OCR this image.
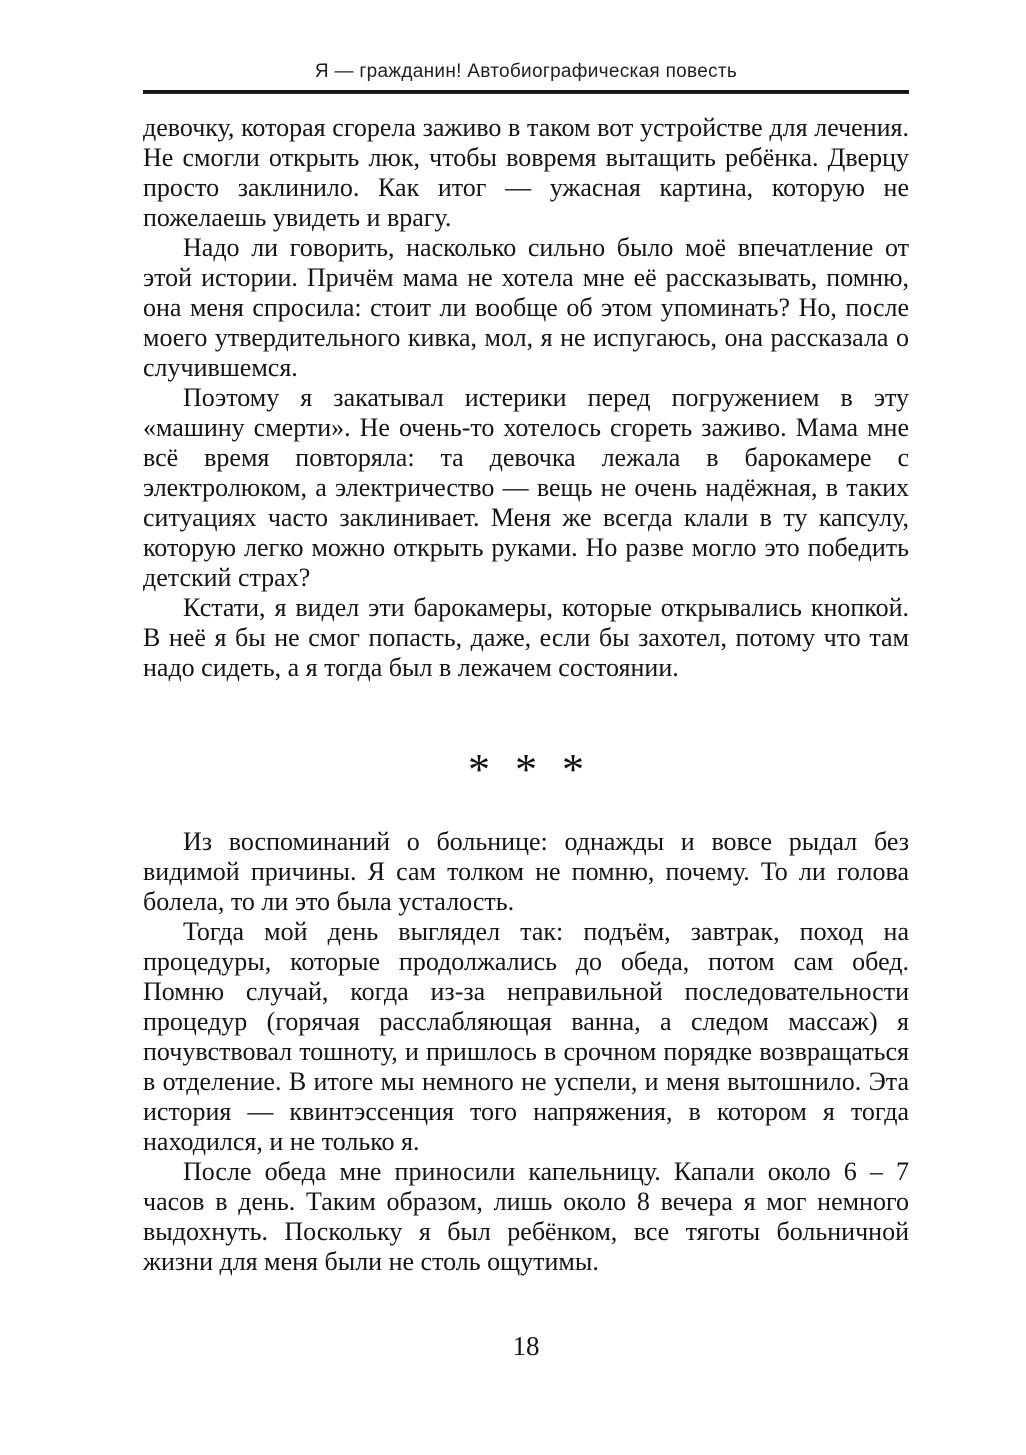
Я — гражданин! Автобиографическая повесть

девочку, которая сгорела заживо в таком вот устройстве для лечения. Не смогли открыть люк, чтобы вовремя вытащить ребёнка. Дверцу просто заклинило. Как итог — ужасная картина, которую не пожелаешь увидеть и врагу.

Надо ли говорить, насколько сильно было моё впечатление от этой истории. Причём мама не хотела мне её рассказывать, помню, она меня спросила: стоит ли вообще об этом упоминать? Но, после моего утвердительного кивка, мол, я не испугаюсь, она рассказала о случившемся.

Поэтому я закатывал истерики перед погружением в эту «машину смерти». Не очень-то хотелось сгореть заживо. Мама мне всё время повторяла: та девочка лежала в барокамере с электролюком, а электричество — вещь не очень надёжная, в таких ситуациях часто заклинивает. Меня же всегда клали в ту капсулу, которую легко можно открыть руками. Но разве могло это победить детский страх?

Кстати, я видел эти барокамеры, которые открывались кнопкой. В неё я бы не смог попасть, даже, если бы захотел, потому что там надо сидеть, а я тогда был в лежачем состоянии.

* * *

Из воспоминаний о больнице: однажды и вовсе рыдал без видимой причины. Я сам толком не помню, почему. То ли голова болела, то ли это была усталость.

Тогда мой день выглядел так: подъём, завтрак, поход на процедуры, которые продолжались до обеда, потом сам обед. Помню случай, когда из-за неправильной последовательности процедур (горячая расслабляющая ванна, а следом массаж) я почувствовал тошноту, и пришлось в срочном порядке возвращаться в отделение. В итоге мы немного не успели, и меня вытошнило. Эта история — квинтэссенция того напряжения, в котором я тогда находился, и не только я.

После обеда мне приносили капельницу. Капали около 6 – 7 часов в день. Таким образом, лишь около 8 вечера я мог немного выдохнуть. Поскольку я был ребёнком, все тяготы больничной жизни для меня были не столь ощутимы.

18
